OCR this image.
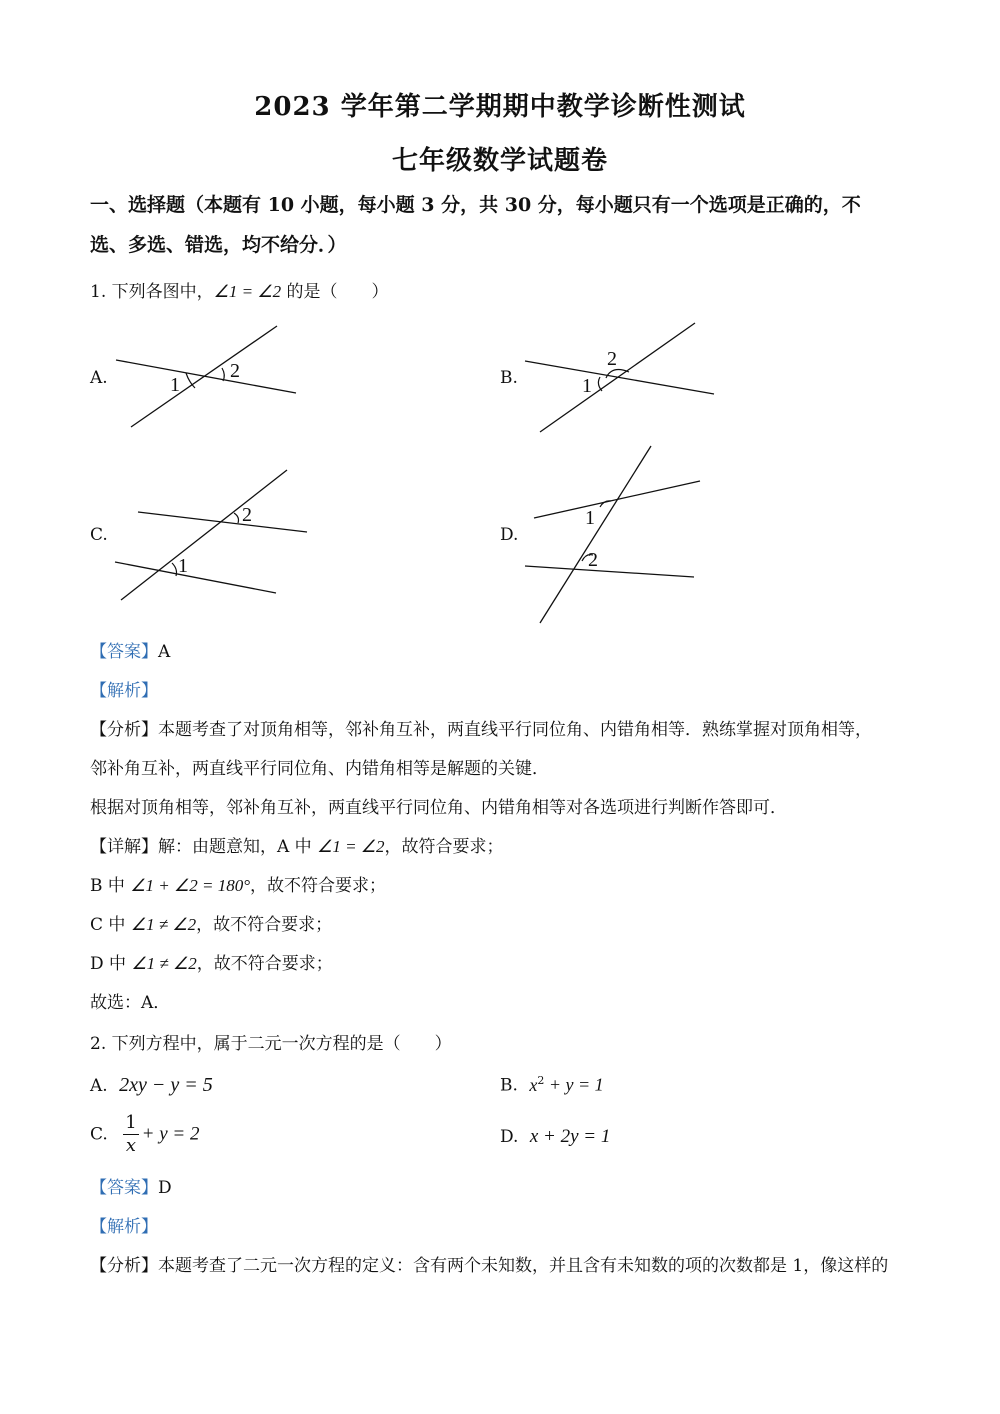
2023 学年第二学期期中教学诊断性测试
七年级数学试题卷
一、选择题（本题有 10 小题，每小题 3 分，共 30 分，每小题只有一个选项是正确的，不
选、多选、错选，均不给分．）
1. 下列各图中，∠1 = ∠2 的是（　　）
A.	1
2	B.	1
2
C.
2
1
D.
1
2
【答案】A
【解析】
【分析】本题考查了对顶角相等，邻补角互补，两直线平行同位角、内错角相等．熟练掌握对顶角相等，
邻补角互补，两直线平行同位角、内错角相等是解题的关键．
根据对顶角相等，邻补角互补，两直线平行同位角、内错角相等对各选项进行判断作答即可．
【详解】解：由题意知，A 中 ∠1 = ∠2，故符合要求；
B 中 ∠1 + ∠2 = 180°，故不符合要求；
C 中 ∠1 ≠ ∠2，故不符合要求；
D 中 ∠1 ≠ ∠2，故不符合要求；
故选：A．
2. 下列方程中，属于二元一次方程的是（　　）
A. 2xy − y = 5	B. $x^2 + y = 1$
C. $\frac{1}{x} + y = 2$	D. x + 2y = 1
【答案】D
【解析】
【分析】本题考查了二元一次方程的定义：含有两个未知数，并且含有未知数的项的次数都是 1，像这样的
